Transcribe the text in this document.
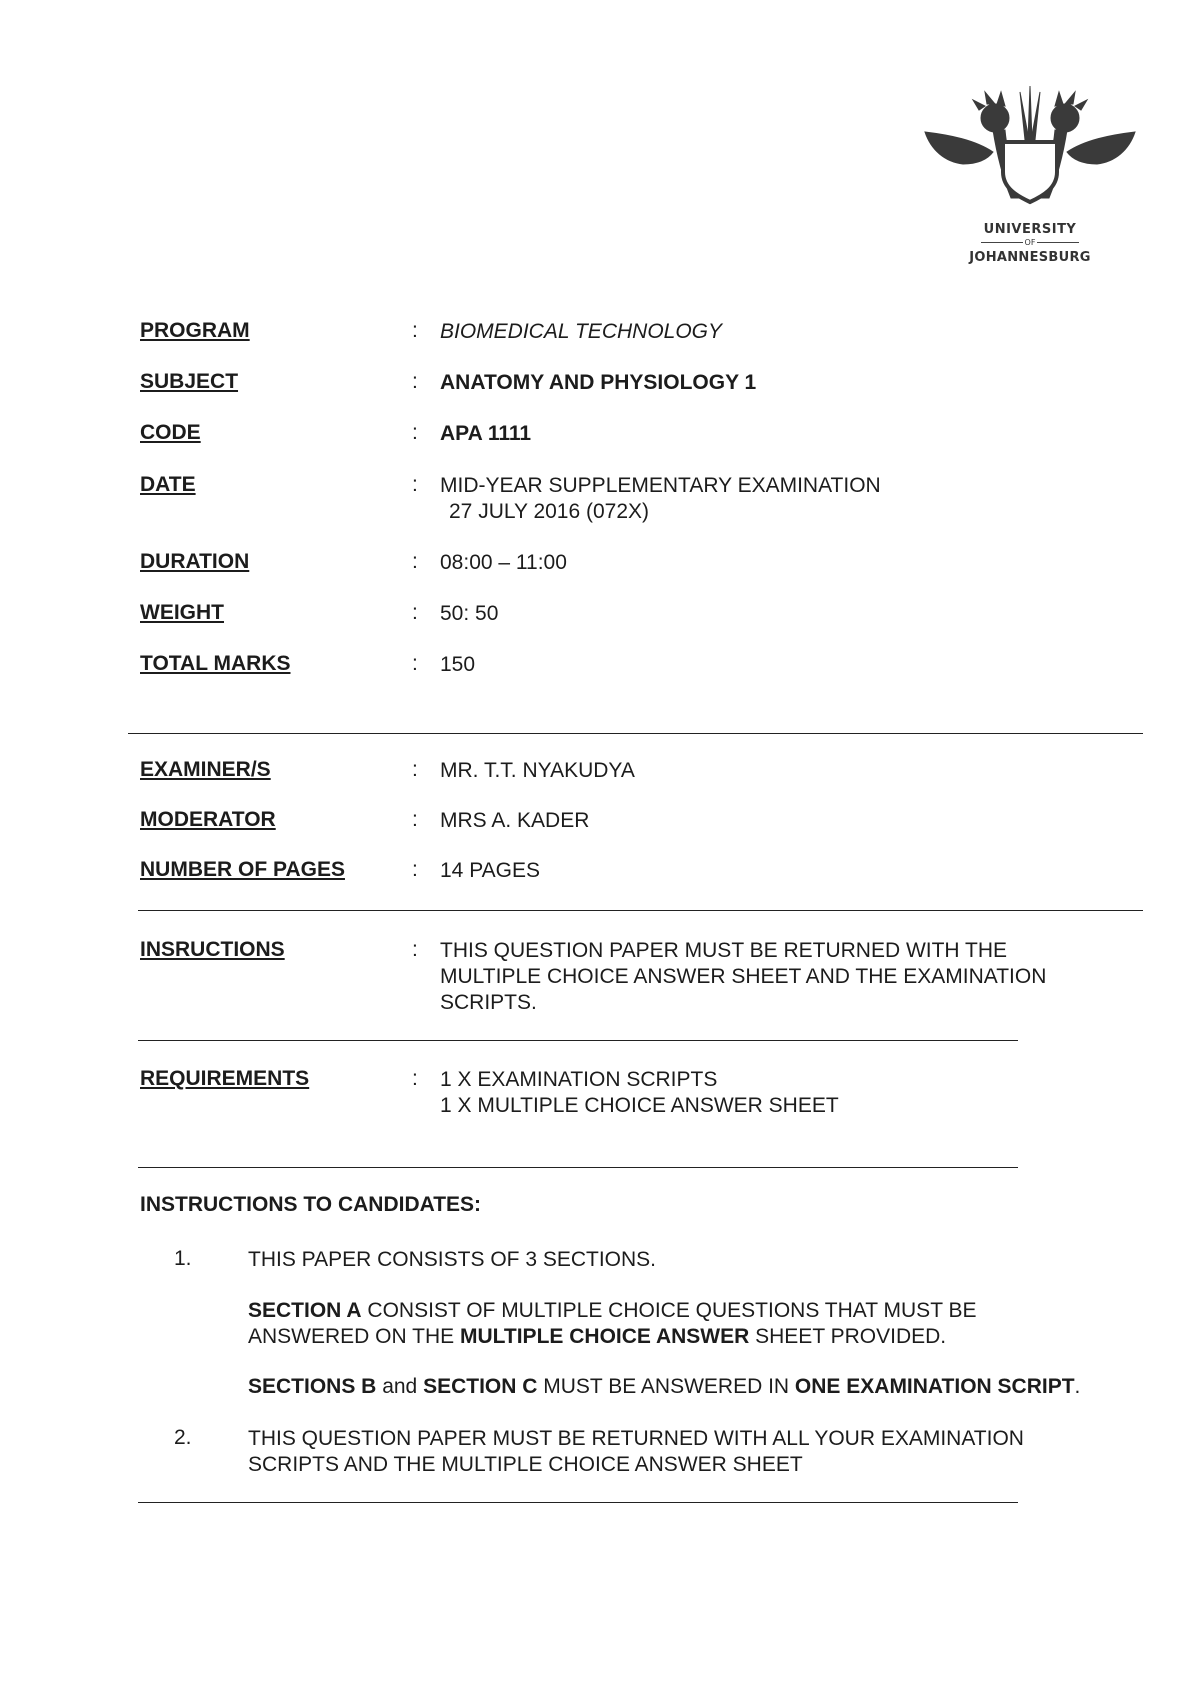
UNIVERSITY
OF
JOHANNESBURG
PROGRAM	: BIOMEDICAL TECHNOLOGY
SUBJECT	: ANATOMY AND PHYSIOLOGY 1
CODE	: APA 1111
DATE	: MID-YEAR SUPPLEMENTARY EXAMINATION
27 JULY 2016 (072X)
DURATION	: 08:00 – 11:00
WEIGHT	: 50: 50
TOTAL MARKS	: 150
EXAMINER/S	: MR. T.T. NYAKUDYA
MODERATOR	: MRS A. KADER
NUMBER OF PAGES	: 14 PAGES
INSRUCTIONS	: THIS QUESTION PAPER MUST BE RETURNED WITH THE
MULTIPLE CHOICE ANSWER SHEET AND THE EXAMINATION
SCRIPTS.
REQUIREMENTS	: 1 X EXAMINATION SCRIPTS
1 X MULTIPLE CHOICE ANSWER SHEET
INSTRUCTIONS TO CANDIDATES:
1.	THIS PAPER CONSISTS OF 3 SECTIONS.
SECTION A CONSIST OF MULTIPLE CHOICE QUESTIONS THAT MUST BE
ANSWERED ON THE MULTIPLE CHOICE ANSWER SHEET PROVIDED.
SECTIONS B and SECTION C MUST BE ANSWERED IN ONE EXAMINATION SCRIPT.
2.	THIS QUESTION PAPER MUST BE RETURNED WITH ALL YOUR EXAMINATION
SCRIPTS AND THE MULTIPLE CHOICE ANSWER SHEET
